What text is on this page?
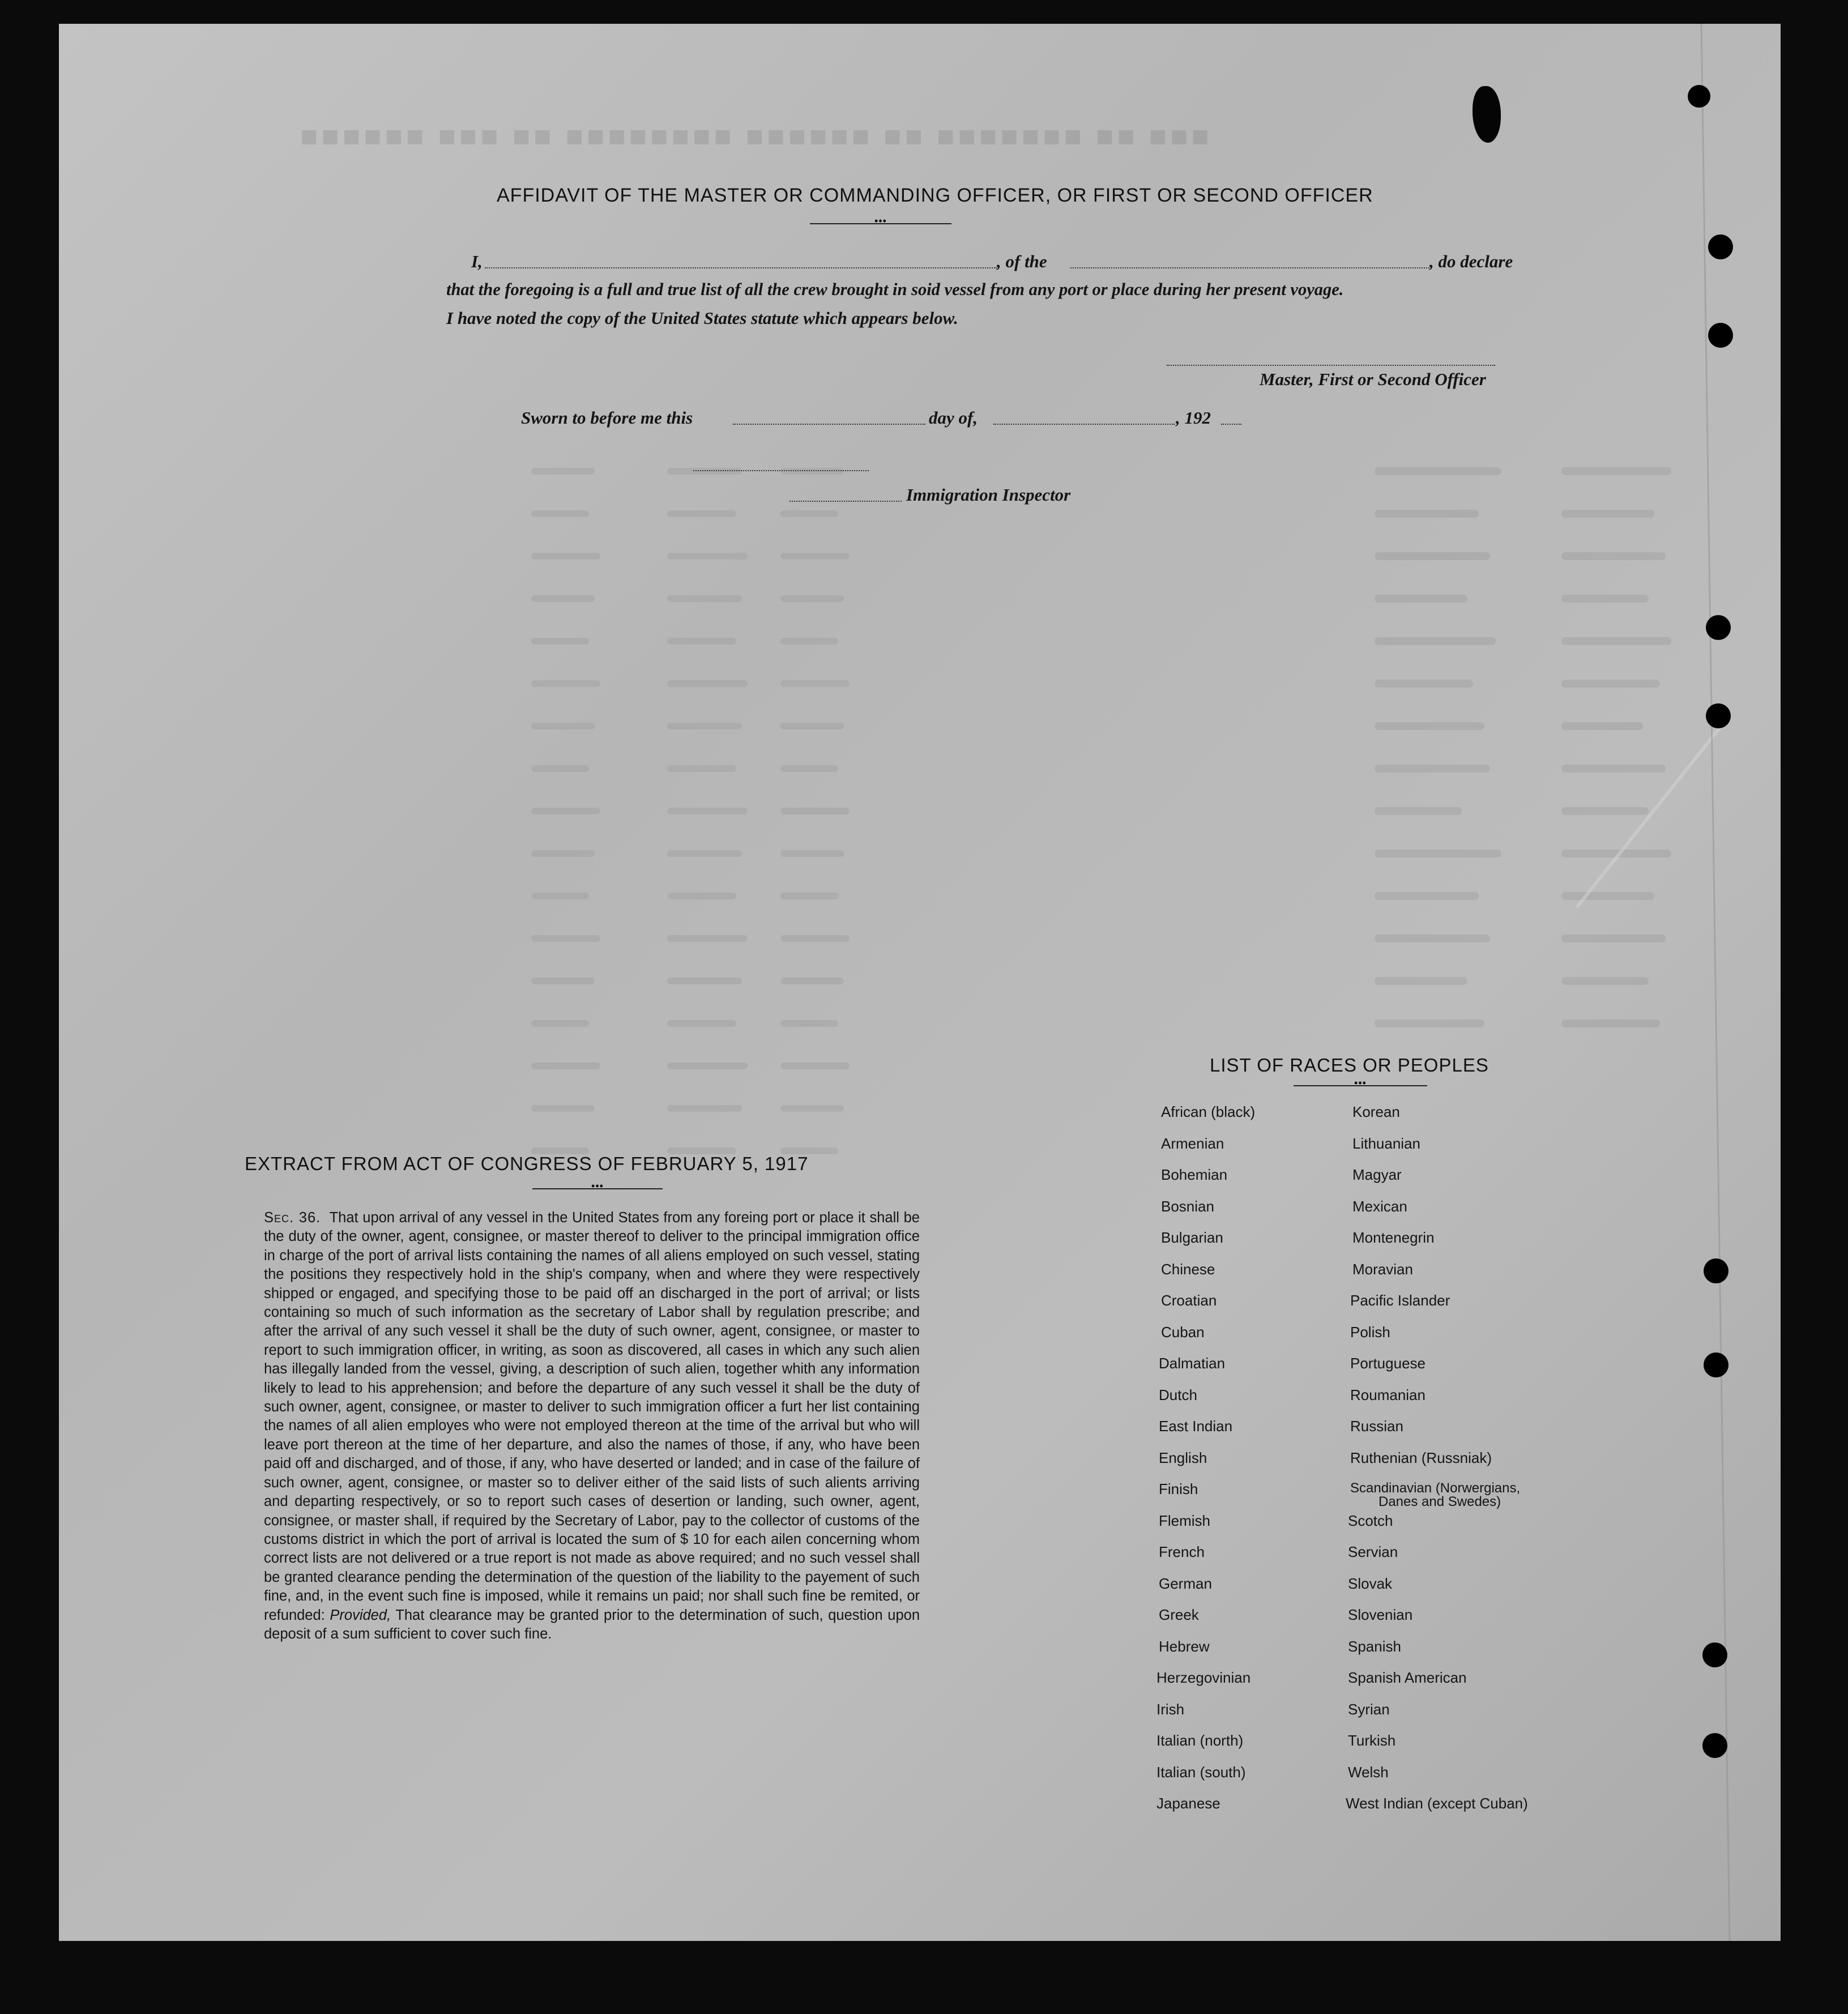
■■■ ■■ ■■■■■■■ ■■ ■■■■■■ ■■■■■■■■ ■■ ■■■ ■■■■■■
AFFIDAVIT OF THE MASTER OR COMMANDING OFFICER, OR FIRST OR SECOND OFFICER
•••
I,	, of the	, do declare
that the foregoing is a full and true list of all the crew brought in soid vessel from any port or place during her present voyage.
I have noted the copy of the United States statute which appears below.
Master, First or Second Officer
Sworn to before me this	day of,	, 192
Immigration Inspector
EXTRACT FROM ACT OF CONGRESS OF FEBRUARY 5, 1917
•••

Sec. 36. That upon arrival of any vessel in the United States from any foreing port or place it shall be the duty of the owner, agent, consignee, or master thereof to deliver to the principal immigration office in charge of the port of arrival lists containing the names of all aliens employed on such vessel, stating the positions they respectively hold in the ship's company, when and where they were respectively shipped or engaged, and specifying those to be paid off an discharged in the port of arrival; or lists containing so much of such information as the secretary of Labor shall by regulation prescribe; and after the arrival of any such vessel it shall be the duty of such owner, agent, consignee, or master to report to such immigration officer, in writing, as soon as discovered, all cases in which any such alien has illegally landed from the vessel, giving, a description of such alien, together whith any information likely to lead to his apprehension; and before the departure of any such vessel it shall be the duty of such owner, agent, consignee, or master to deliver to such immigration officer a furt her list containing the names of all alien employes who were not employed thereon at the time of the arrival but who will leave port thereon at the time of her departure, and also the names of those, if any, who have been paid off and discharged, and of those, if any, who have deserted or landed; and in case of the failure of such owner, agent, consignee, or master so to deliver either of the said lists of such alients arriving and departing respectively, or so to report such cases of desertion or landing, such owner, agent, consignee, or master shall, if required by the Secretary of Labor, pay to the collector of customs of the customs district in which the port of arrival is located the sum of $ 10 for each ailen concerning whom correct lists are not delivered or a true report is not made as above required; and no such vessel shall be granted clearance pending the determination of the question of the liability to the payement of such fine, and, in the event such fine is imposed, while it remains un paid; nor shall such fine be remited, or refunded: Provided, That clearance may be granted prior to the determination of such, question upon deposit of a sum sufficient to cover such fine.

LIST OF RACES OR PEOPLES
•••
African (black)
Armenian
Bohemian
Bosnian
Bulgarian
Chinese
Croatian
Cuban
Dalmatian
Dutch
East Indian
English
Finish
Flemish
French
German
Greek
Hebrew
Herzegovinian
Irish
Italian (north)
Italian (south)
Japanese
Korean
Lithuanian
Magyar
Mexican
Montenegrin
Moravian
Pacific Islander
Polish
Portuguese
Roumanian
Russian
Ruthenian (Russniak)
Scandinavian (Norwergians,
Danes and Swedes)
Scotch
Servian
Slovak
Slovenian
Spanish
Spanish American
Syrian
Turkish
Welsh
West Indian (except Cuban)
